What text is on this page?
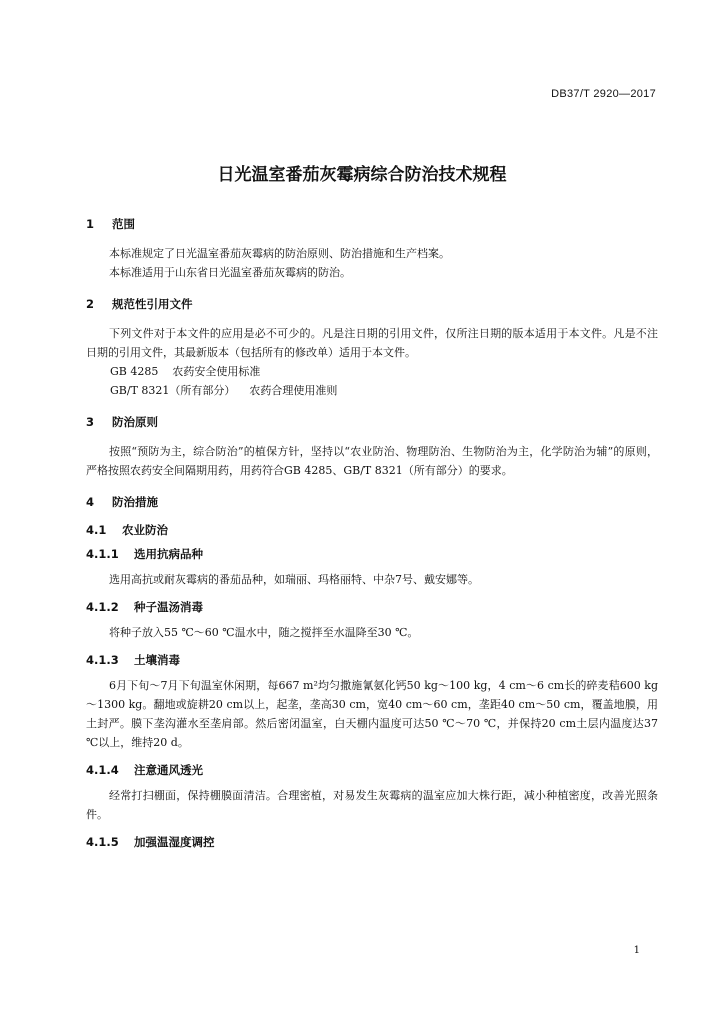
DB37/T 2920—2017
日光温室番茄灰霉病综合防治技术规程
1 范围

本标准规定了日光温室番茄灰霉病的防治原则、防治措施和生产档案。

本标准适用于山东省日光温室番茄灰霉病的防治。

2 规范性引用文件

下列文件对于本文件的应用是必不可少的。凡是注日期的引用文件，仅所注日期的版本适用于本文件。凡是不注日期的引用文件，其最新版本（包括所有的修改单）适用于本文件。

GB 4285 农药安全使用标准

GB/T 8321（所有部分） 农药合理使用准则

3 防治原则

按照“预防为主，综合防治”的植保方针，坚持以“农业防治、物理防治、生物防治为主，化学防治为辅”的原则，严格按照农药安全间隔期用药，用药符合GB 4285、GB/T 8321（所有部分）的要求。

4 防治措施
4.1 农业防治
4.1.1 选用抗病品种

选用高抗或耐灰霉病的番茄品种，如瑞丽、玛格丽特、中杂7号、戴安娜等。

4.1.2 种子温汤消毒

将种子放入55 ℃～60 ℃温水中，随之搅拌至水温降至30 ℃。

4.1.3 土壤消毒

6月下旬～7月下旬温室休闲期，每667 m²均匀撒施氰氨化钙50 kg～100 kg，4 cm～6 cm长的碎麦秸600 kg～1300 kg。翻地或旋耕20 cm以上，起垄，垄高30 cm，宽40 cm～60 cm，垄距40 cm～50 cm，覆盖地膜，用土封严。膜下垄沟灌水至垄肩部。然后密闭温室，白天棚内温度可达50 ℃～70 ℃，并保持20 cm土层内温度达37 ℃以上，维持20 d。

4.1.4 注意通风透光

经常打扫棚面，保持棚膜面清洁。合理密植，对易发生灰霉病的温室应加大株行距，减小种植密度，改善光照条件。

4.1.5 加强温湿度调控
1
